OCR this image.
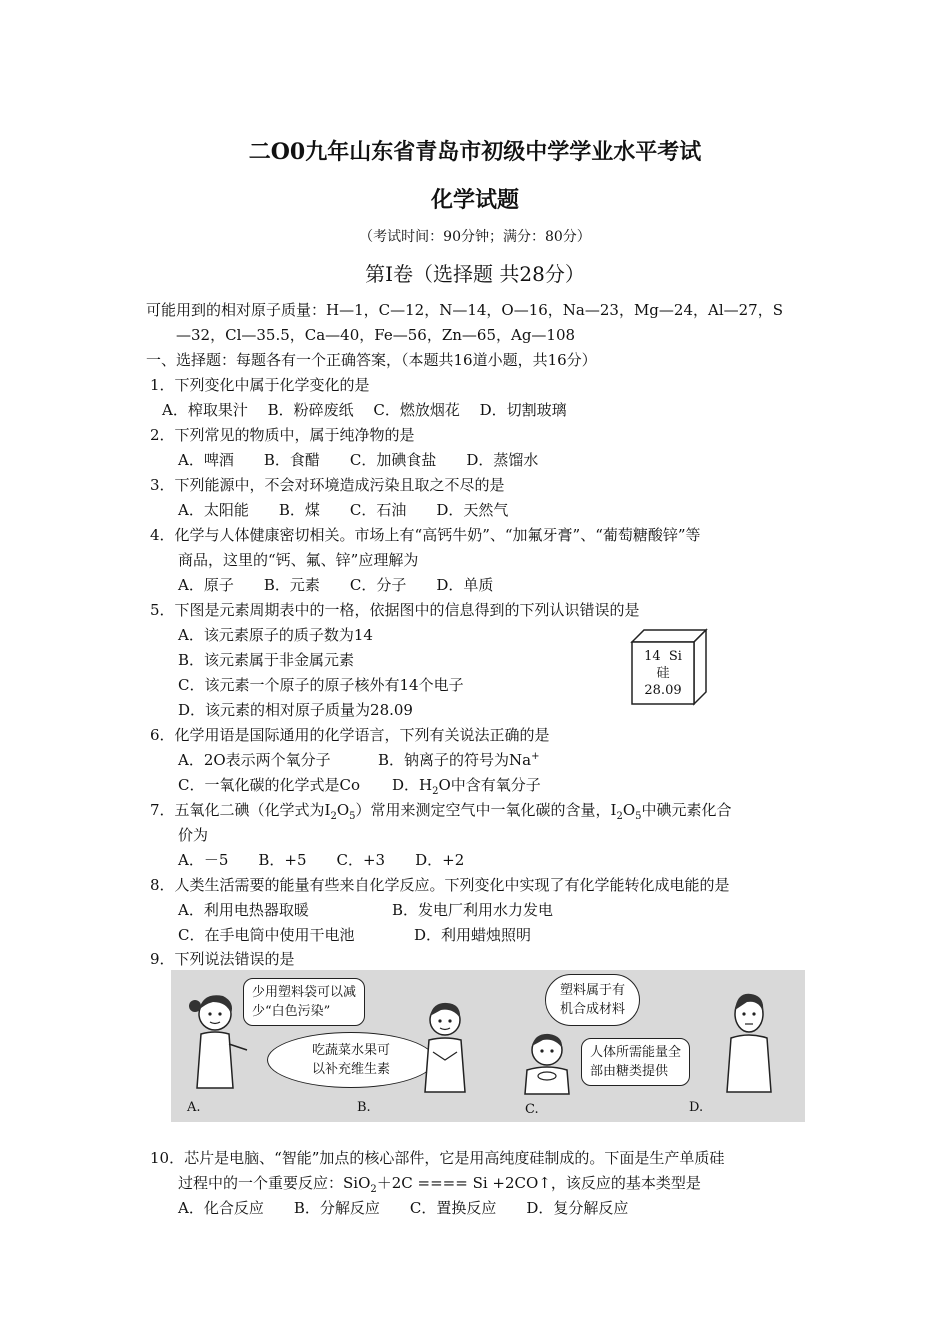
二O0九年山东省青岛市初级中学学业水平考试
化学试题
（考试时间：90分钟；满分：80分）
第Ⅰ卷（选择题 共28分）
可能用到的相对原子质量：H—1，C—12，N—14，O—16，Na—23，Mg—24，Al—27，S
—32，Cl—35.5，Ca—40，Fe—56，Zn—65，Ag—108
一、选择题：每题各有一个正确答案，（本题共16道小题，共16分）
1．下列变化中属于化学变化的是
A．榨取果汁　 B．粉碎废纸　 C．燃放烟花　 D．切割玻璃
2．下列常见的物质中，属于纯净物的是
A．啤酒　　B．食醋　　C．加碘食盐　　D．蒸馏水
3．下列能源中，不会对环境造成污染且取之不尽的是
A．太阳能　　B．煤　　C．石油　　D．天然气
4．化学与人体健康密切相关。市场上有“高钙牛奶”、“加氟牙膏”、“葡萄糖酸锌”等
商品，这里的“钙、氟、锌”应理解为
A．原子　　B．元素　　C．分子　　D．单质
5．下图是元素周期表中的一格，依据图中的信息得到的下列认识错误的是
A．该元素原子的质子数为14
B．该元素属于非金属元素
C．该元素一个原子的原子核外有14个电子
D．该元素的相对原子质量为28.09
14  Si
硅
28.09
6．化学用语是国际通用的化学语言，下列有关说法正确的是
A．2O表示两个氧分子	B．钠离子的符号为Na+
C．一氧化碳的化学式是Co D．$H_2O$中含有氧分子
7．五氧化二碘（化学式为$I_2O_5$）常用来测定空气中一氧化碳的含量，$I_2O_5$中碘元素化合
价为
A．－5　　B．+5　　C．+3　　D．+2
8．人类生活需要的能量有些来自化学反应。下列变化中实现了有化学能转化成电能的是
A．利用电热器取暖	B．发电厂利用水力发电
C．在手电筒中使用干电池	D．利用蜡烛照明
9．下列说法错误的是
少用塑料袋可以减
少“白色污染”
吃蔬菜水果可
以补充维生素
塑料属于有
机合成材料
人体所需能量全
部由糖类提供
A.	B.	C.	D.
10．芯片是电脑、“智能”加点的核心部件，它是用高纯度硅制成的。下面是生产单质硅
过程中的一个重要反应：SiO$_2$＋2C ==== Si +2CO↑，该反应的基本类型是
A．化合反应　　B．分解反应　　C．置换反应　　D．复分解反应
